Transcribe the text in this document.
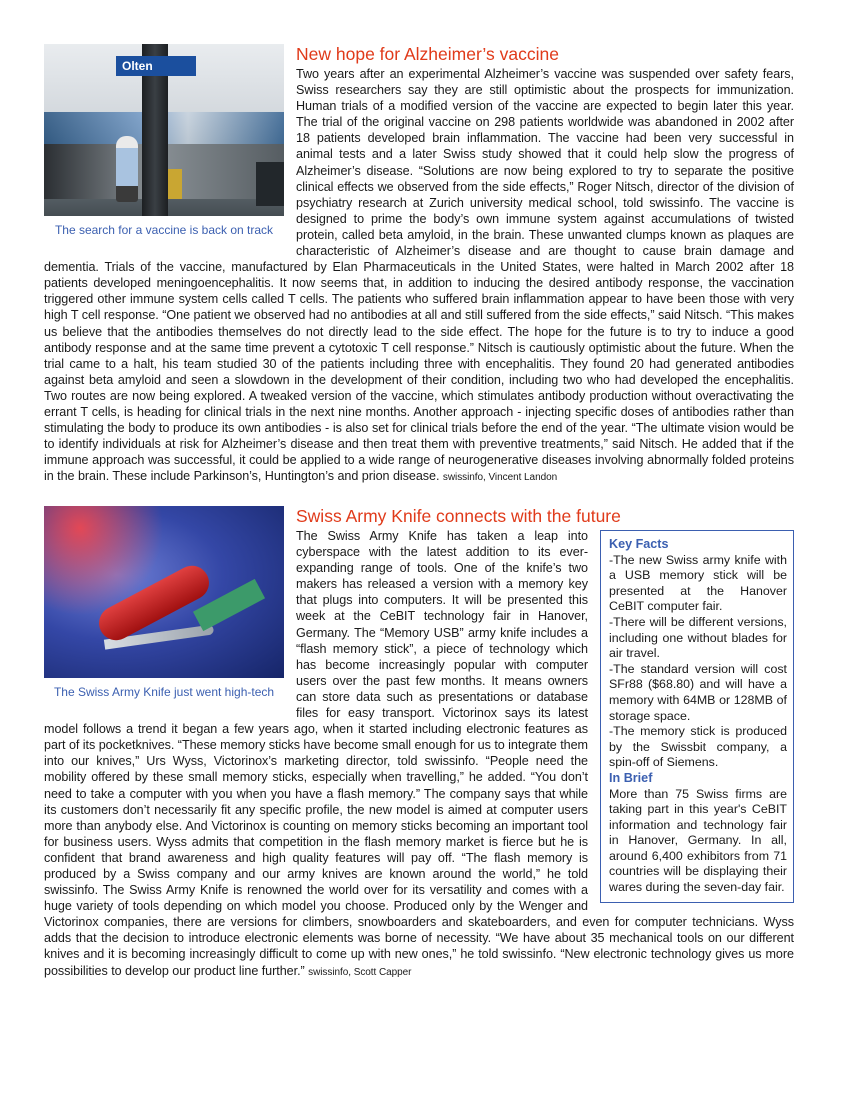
Olten
The search for a vaccine is back on track
New hope for Alzheimer’s vaccine

Two years after an experimental Alzheimer’s vaccine was suspended over safety fears, Swiss researchers say they are still optimistic about the prospects for immunization. Human trials of a modified version of the vaccine are expected to begin later this year. The trial of the original vaccine on 298 patients worldwide was abandoned in 2002 after 18 patients developed brain inflammation. The vaccine had been very successful in animal tests and a later Swiss study showed that it could help slow the progress of Alzheimer’s disease. “Solutions are now being explored to try to separate the positive clinical effects we observed from the side effects,” Roger Nitsch, director of the division of psychiatry research at Zurich university medical school, told swissinfo. The vaccine is designed to prime the body’s own immune system against accumulations of twisted protein, called beta amyloid, in the brain. These unwanted clumps known as plaques are characteristic of Alzheimer’s disease and are thought to cause brain damage and dementia. Trials of the vaccine, manufactured by Elan Pharmaceuticals in the United States, were halted in March 2002 after 18 patients developed meningoencephalitis. It now seems that, in addition to inducing the desired antibody response, the vaccination triggered other immune system cells called T cells. The patients who suffered brain inflammation appear to have been those with very high T cell response. “One patient we observed had no antibodies at all and still suffered from the side effects,” said Nitsch. “This makes us believe that the antibodies themselves do not directly lead to the side effect. The hope for the future is to try to induce a good antibody response and at the same time prevent a cytotoxic T cell response.” Nitsch is cautiously optimistic about the future. When the trial came to a halt, his team studied 30 of the patients including three with encephalitis. They found 20 had generated antibodies against beta amyloid and seen a slowdown in the development of their condition, including two who had developed the encephalitis. Two routes are now being explored. A tweaked version of the vaccine, which stimulates antibody production without overactivating the errant T cells, is heading for clinical trials in the next nine months. Another approach - injecting specific doses of antibodies rather than stimulating the body to produce its own antibodies - is also set for clinical trials before the end of the year. “The ultimate vision would be to identify individuals at risk for Alzheimer’s disease and then treat them with preventive treatments,” said Nitsch. He added that if the immune approach was successful, it could be applied to a wide range of neurogenerative diseases involving abnormally folded proteins in the brain. These include Parkinson’s, Huntington’s and prion disease. swissinfo, Vincent Landon

The Swiss Army Knife just went high-tech
Swiss Army Knife connects with the future
Key Facts

-The new Swiss army knife with a USB memory stick will be presented at the Hanover CeBIT computer fair.

-There will be different versions, including one without blades for air travel.

-The standard version will cost SFr88 ($68.80) and will have a memory with 64MB or 128MB of storage space.

-The memory stick is produced by the Swissbit company, a spin-off of Siemens.

In Brief

More than 75 Swiss firms are taking part in this year's CeBIT information and technology fair in Hanover, Germany. In all, around 6,400 exhibitors from 71 countries will be displaying their wares during the seven-day fair.

The Swiss Army Knife has taken a leap into cyberspace with the latest addition to its ever-expanding range of tools. One of the knife’s two makers has released a version with a memory key that plugs into computers. It will be presented this week at the CeBIT technology fair in Hanover, Germany. The “Memory USB” army knife includes a “flash memory stick”, a piece of technology which has become increasingly popular with computer users over the past few months. It means owners can store data such as presentations or database files for easy transport. Victorinox says its latest model follows a trend it began a few years ago, when it started including electronic features as part of its pocketknives. “These memory sticks have become small enough for us to integrate them into our knives,” Urs Wyss, Victorinox’s marketing director, told swissinfo. “People need the mobility offered by these small memory sticks, especially when travelling,” he added. “You don’t need to take a computer with you when you have a flash memory.” The company says that while its customers don’t necessarily fit any specific profile, the new model is aimed at computer users more than anybody else. And Victorinox is counting on memory sticks becoming an important tool for business users. Wyss admits that competition in the flash memory market is fierce but he is confident that brand awareness and high quality features will pay off. “The flash memory is produced by a Swiss company and our army knives are known around the world,” he told swissinfo. The Swiss Army Knife is renowned the world over for its versatility and comes with a huge variety of tools depending on which model you choose. Produced only by the Wenger and Victorinox companies, there are versions for climbers, snowboarders and skateboarders, and even for computer technicians. Wyss adds that the decision to introduce electronic elements was borne of necessity. “We have about 35 mechanical tools on our different knives and it is becoming increasingly difficult to come up with new ones,” he told swissinfo. “New electronic technology gives us more possibilities to develop our product line further.” swissinfo, Scott Capper
